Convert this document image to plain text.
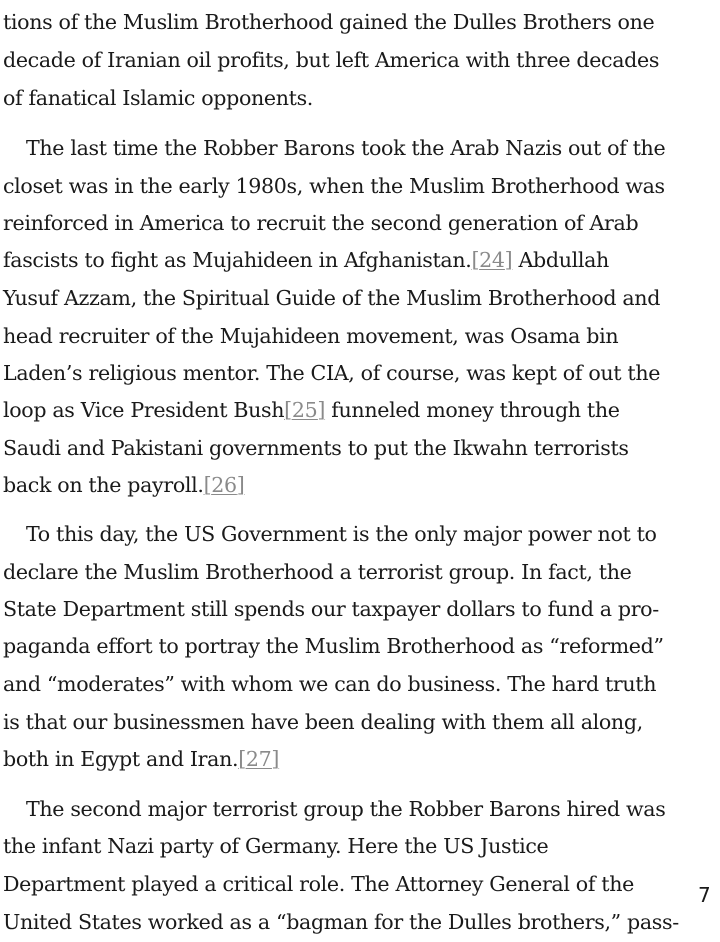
tions of the Muslim Brotherhood gained the Dulles Brothers one
decade of Iranian oil profits, but left America with three decades
of fanatical Islamic opponents.
The last time the Robber Barons took the Arab Nazis out of the
closet was in the early 1980s, when the Muslim Brotherhood was
reinforced in America to recruit the second generation of Arab
fascists to fight as Mujahideen in Afghanistan. [ 24 ] Abdullah
Yusuf Azzam, the Spiritual Guide of the Muslim Brotherhood and
head recruiter of the Mujahideen movement, was Osama bin
Laden’s religious mentor. The CIA, of course, was kept of out the
loop as Vice President Bush [ 25 ] funneled money through the
Saudi and Pakistani governments to put the Ikwahn terrorists
back on the payroll. [ 26 ]
To this day, the US Government is the only major power not to
declare the Muslim Brotherhood a terrorist group. In fact, the
State Department still spends our taxpayer dollars to fund a pro-
paganda effort to portray the Muslim Brotherhood as “reformed”
and “moderates” with whom we can do business. The hard truth
is that our businessmen have been dealing with them all along,
both in Egypt and Iran. [ 27 ]
The second major terrorist group the Robber Barons hired was
the infant Nazi party of Germany. Here the US Justice
Department played a critical role. The Attorney General of the
United States worked as a “bagman for the Dulles brothers,” pass-
7
